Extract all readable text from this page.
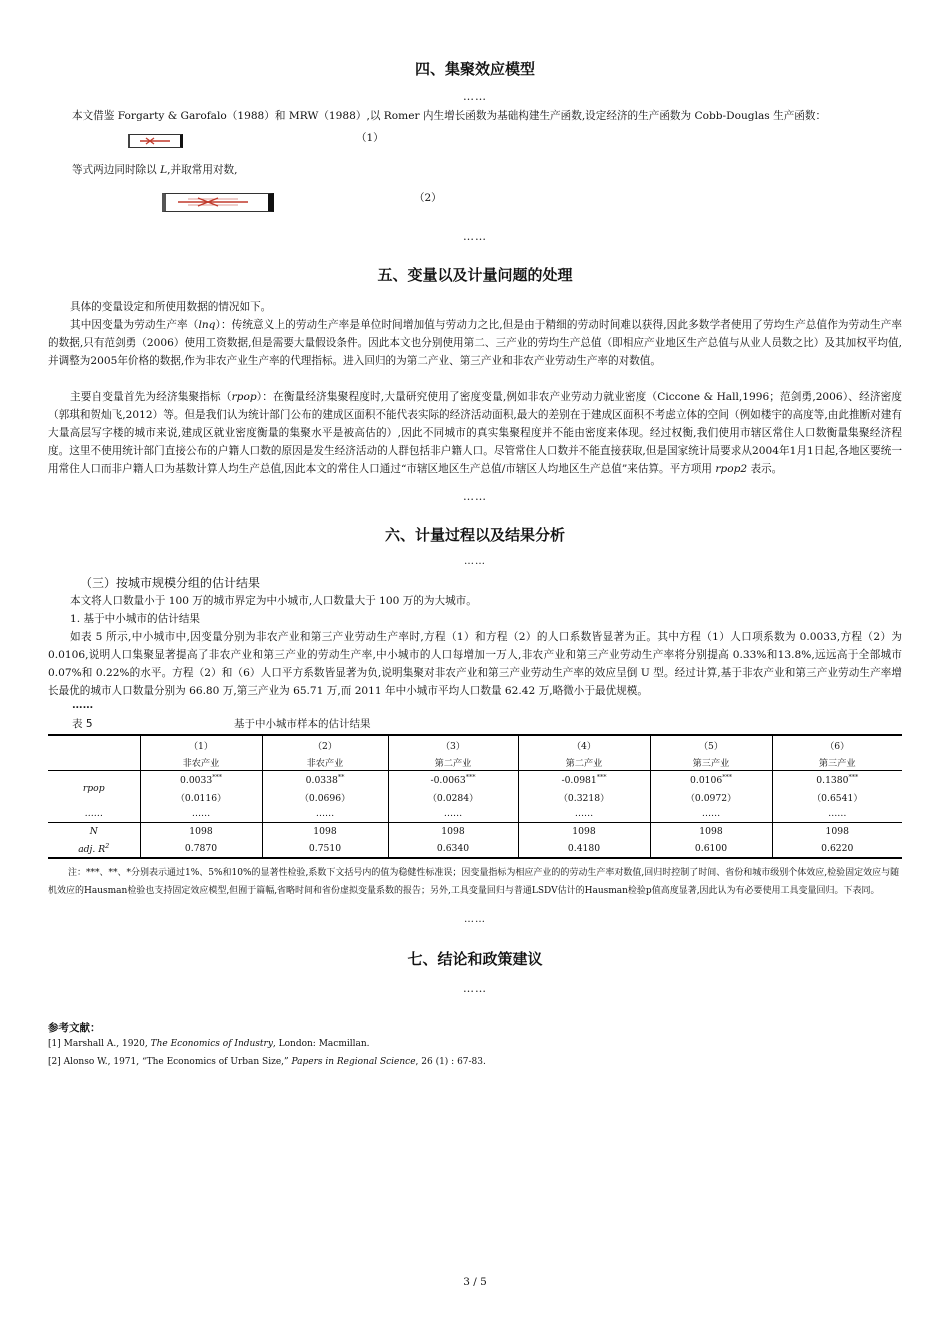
四、集聚效应模型
……
本文借鉴 Forgarty & Garofalo（1988）和 MRW（1988）,以 Romer 内生增长函数为基础构建生产函数,设定经济的生产函数为 Cobb-Douglas 生产函数：
（1）
等式两边同时除以 L,并取常用对数,
（2）
……
五、变量以及计量问题的处理
具体的变量设定和所使用数据的情况如下。
其中因变量为劳动生产率（lnq）：传统意义上的劳动生产率是单位时间增加值与劳动力之比,但是由于精细的劳动时间难以获得,因此多数学者使用了劳均生产总值作为劳动生产率的数据,只有范剑勇（2006）使用工资数据,但是需要大量假设条件。因此本文也分别使用第二、三产业的劳均生产总值（即相应产业地区生产总值与从业人员数之比）及其加权平均值,并调整为2005年价格的数据,作为非农产业生产率的代理指标。进入回归的为第二产业、第三产业和非农产业劳动生产率的对数值。
主要自变量首先为经济集聚指标（rpop）：在衡量经济集聚程度时,大量研究使用了密度变量,例如非农产业劳动力就业密度（Ciccone & Hall,1996；范剑勇,2006）、经济密度（郭琪和贺灿飞,2012）等。但是我们认为统计部门公布的建成区面积不能代表实际的经济活动面积,最大的差别在于建成区面积不考虑立体的空间（例如楼宇的高度等,由此推断对建有大量高层写字楼的城市来说,建成区就业密度衡量的集聚水平是被高估的）,因此不同城市的真实集聚程度并不能由密度来体现。经过权衡,我们使用市辖区常住人口数衡量集聚经济程度。这里不使用统计部门直接公布的户籍人口数的原因是发生经济活动的人群包括非户籍人口。尽管常住人口数并不能直接获取,但是国家统计局要求从2004年1月1日起,各地区要统一用常住人口而非户籍人口为基数计算人均生产总值,因此本文的常住人口通过“市辖区地区生产总值/市辖区人均地区生产总值”来估算。平方项用 rpop2 表示。
……
六、计量过程以及结果分析
……
（三）按城市规模分组的估计结果
本文将人口数量小于 100 万的城市界定为中小城市,人口数量大于 100 万的为大城市。
1. 基于中小城市的估计结果
如表 5 所示,中小城市中,因变量分别为非农产业和第三产业劳动生产率时,方程（1）和方程（2）的人口系数皆显著为正。其中方程（1）人口项系数为 0.0033,方程（2）为 0.0106,说明人口集聚显著提高了非农产业和第三产业的劳动生产率,中小城市的人口每增加一万人,非农产业和第三产业劳动生产率将分别提高 0.33%和13.8%,远远高于全部城市 0.07%和 0.22%的水平。方程（2）和（6）人口平方系数皆显著为负,说明集聚对非农产业和第三产业劳动生产率的效应呈倒 U 型。经过计算,基于非农产业和第三产业劳动生产率增长最优的城市人口数量分别为 66.80 万,第三产业为 65.71 万,而 2011 年中小城市平均人口数量 62.42 万,略微小于最优规模。
……
表 5	基于中小城市样本的估计结果
	（1）	（2）	（3）	（4）	（5）	（6）
	非农产业	非农产业	第二产业	第二产业	第三产业	第三产业
rpop	0.0033***	0.0338**	-0.0063***	-0.0981***	0.0106***	0.1380***
	（0.0116）	（0.0696）	（0.0284）	（0.3218）	（0.0972）	（0.6541）
……	……	……	……	……	……	……
N	1098	1098	1098	1098	1098	1098
adj. $R^2$	0.7870	0.7510	0.6340	0.4180	0.6100	0.6220
注：***、**、*分别表示通过1%、5%和10%的显著性检验,系数下文括号内的值为稳健性标准误；因变量指标为相应产业的的劳动生产率对数值,回归时控制了时间、省份和城市级别个体效应,检验固定效应与随机效应的Hausman检验也支持固定效应模型,但囿于篇幅,省略时间和省份虚拟变量系数的报告；另外,工具变量回归与普通LSDV估计的Hausman检验p值高度显著,因此认为有必要使用工具变量回归。下表同。
……
七、结论和政策建议
……
参考文献：
[1] Marshall A., 1920, The Economics of Industry, London: Macmillan.
[2] Alonso W., 1971, “The Economics of Urban Size,” Papers in Regional Science, 26 (1) : 67-83.
3 / 5
